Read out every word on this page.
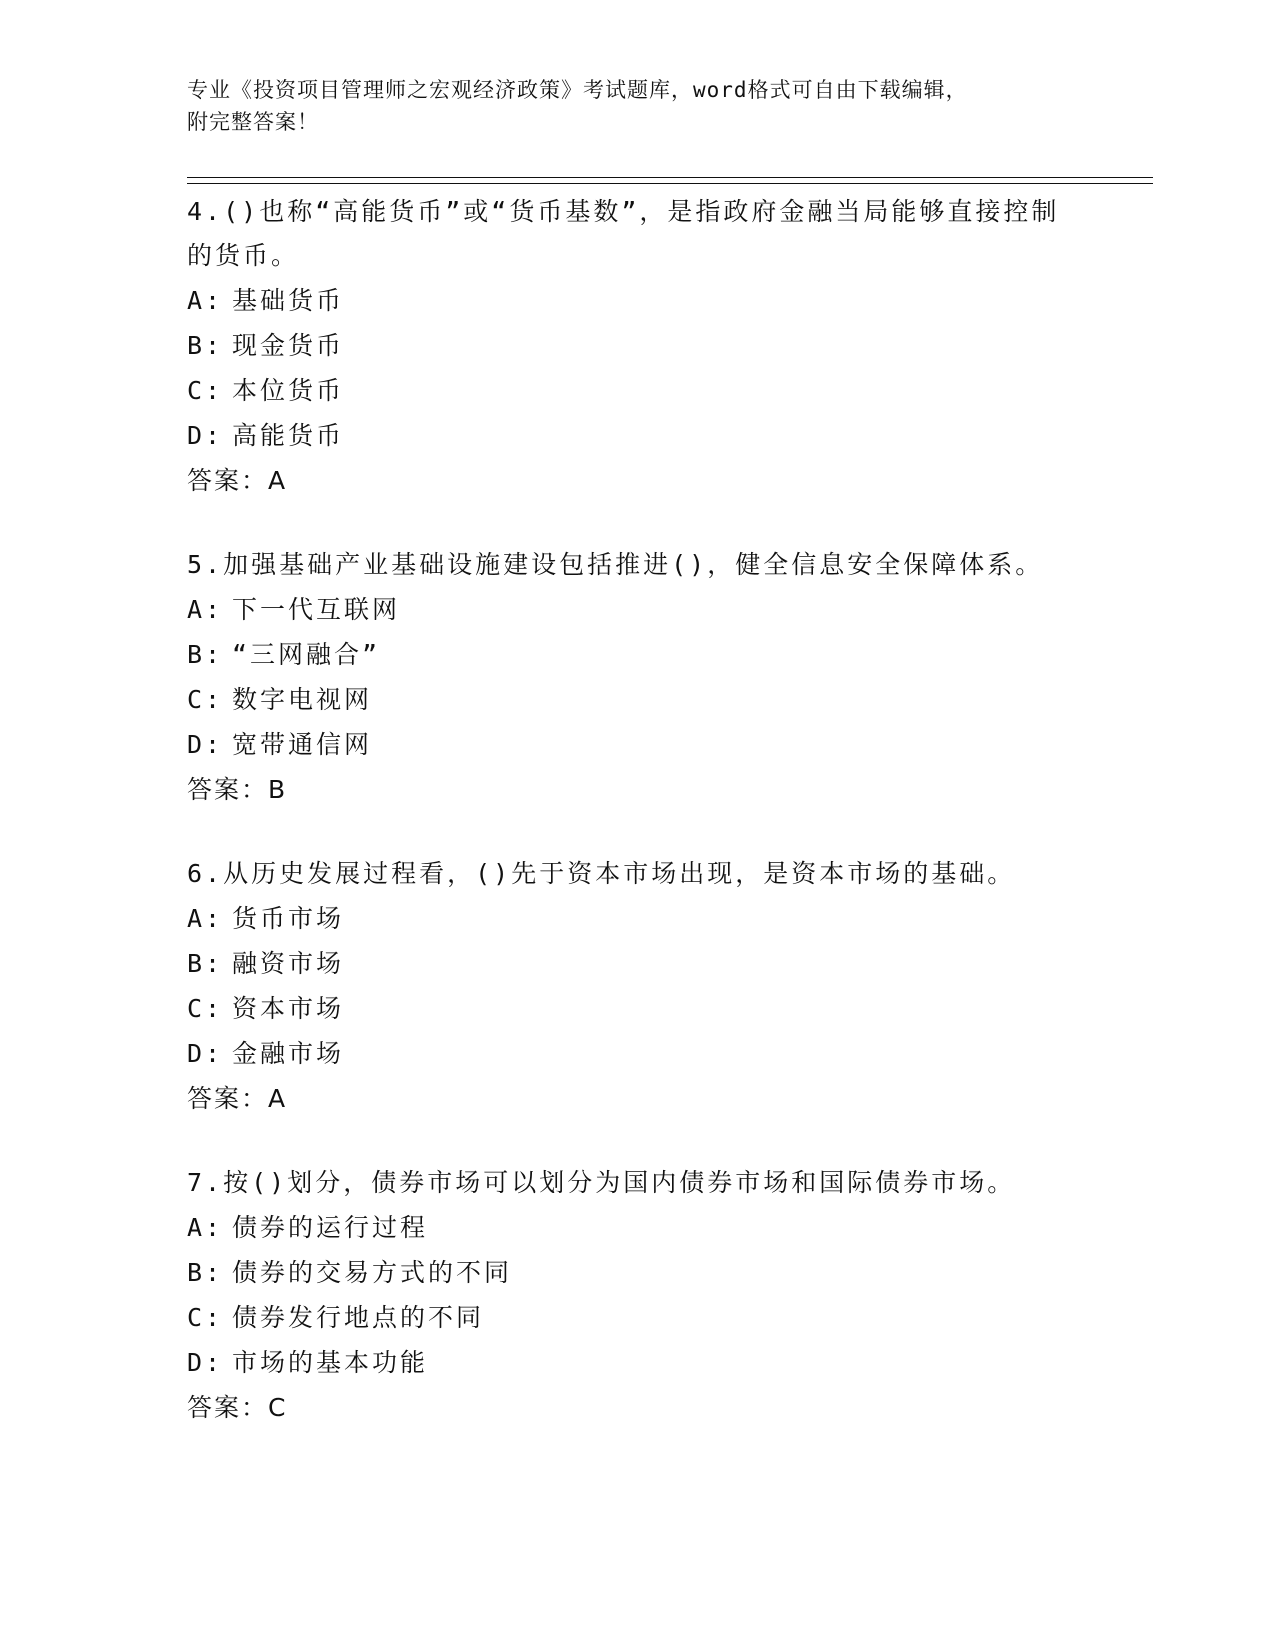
专业《投资项目管理师之宏观经济政策》考试题库，word格式可自由下载编辑，
附完整答案！
4.()也称“高能货币”或“货币基数”，是指政府金融当局能够直接控制的货币。
A: 基础货币
B: 现金货币
C: 本位货币
D: 高能货币
答案：A
5.加强基础产业基础设施建设包括推进()，健全信息安全保障体系。
A: 下一代互联网
B: “三网融合”
C: 数字电视网
D: 宽带通信网
答案：B
6.从历史发展过程看，()先于资本市场出现，是资本市场的基础。
A: 货币市场
B: 融资市场
C: 资本市场
D: 金融市场
答案：A
7.按()划分，债券市场可以划分为国内债券市场和国际债券市场。
A: 债券的运行过程
B: 债券的交易方式的不同
C: 债券发行地点的不同
D: 市场的基本功能
答案：C
